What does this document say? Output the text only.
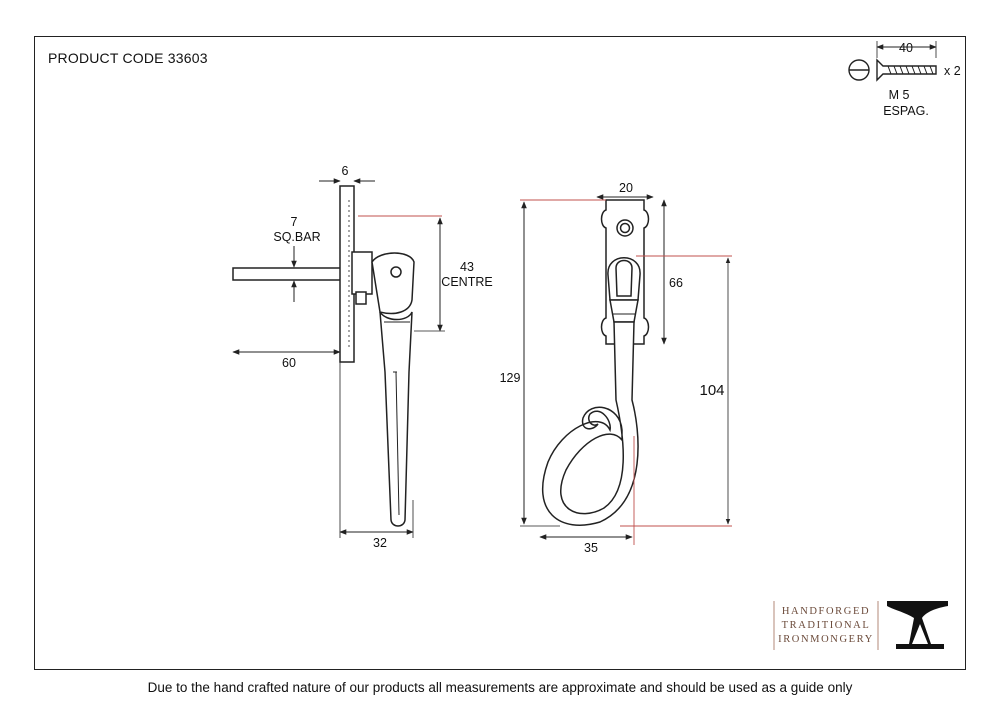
PRODUCT CODE 33603
40
x 2
M 5
ESPAG.
6
7
SQ.BAR
43
CENTRE
60
32
20
66
129
104
35
HANDFORGED
TRADITIONAL
IRONMONGERY
Due to the hand crafted nature of our products all measurements are approximate and should be used as a guide only
